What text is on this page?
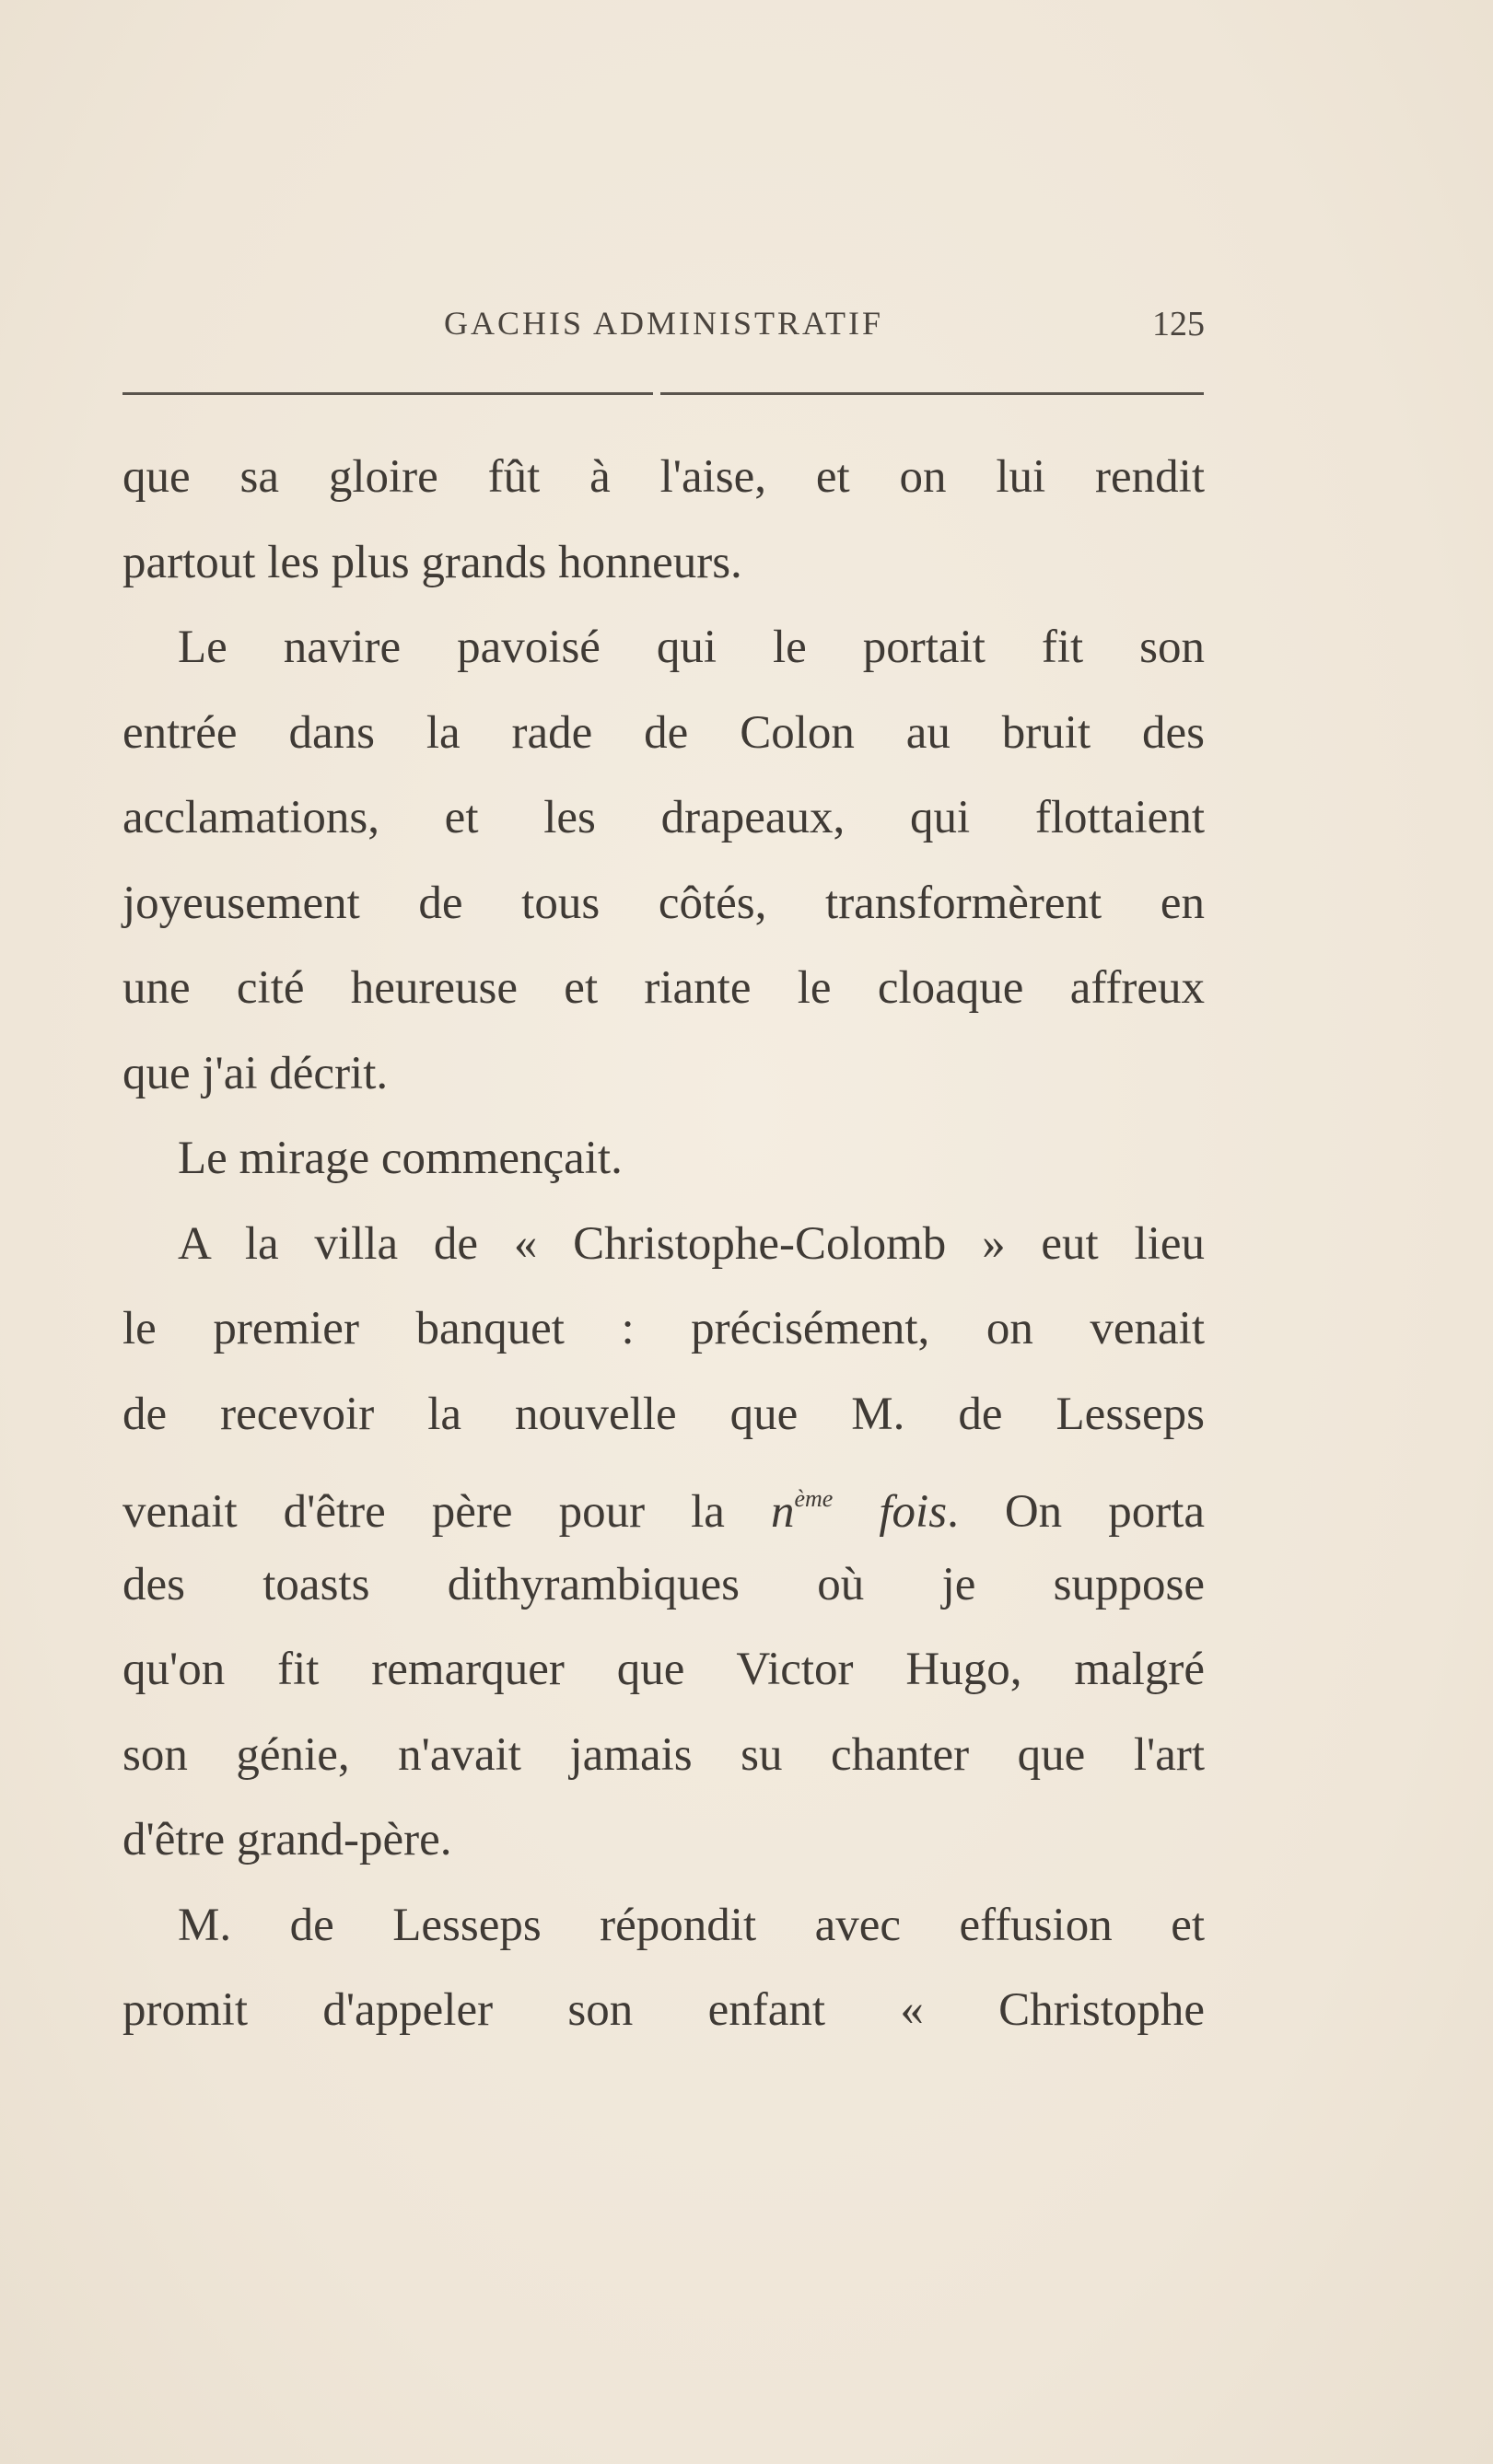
GACHIS ADMINISTRATIF	125
que sa gloire fût à l'aise, et on lui rendit
partout les plus grands honneurs.
Le navire pavoisé qui le portait fit son
entrée dans la rade de Colon au bruit des
acclamations, et les drapeaux, qui flottaient
joyeusement de tous côtés, transformèrent en
une cité heureuse et riante le cloaque affreux
que j'ai décrit.
Le mirage commençait.
A la villa de « Christophe-Colomb » eut lieu
le premier banquet : précisément, on venait
de recevoir la nouvelle que M. de Lesseps
venait d'être père pour la $n^{ème}$ fois. On porta
des toasts dithyrambiques où je suppose
qu'on fit remarquer que Victor Hugo, malgré
son génie, n'avait jamais su chanter que l'art
d'être grand-père.
M. de Lesseps répondit avec effusion et
promit d'appeler son enfant « Christophe
